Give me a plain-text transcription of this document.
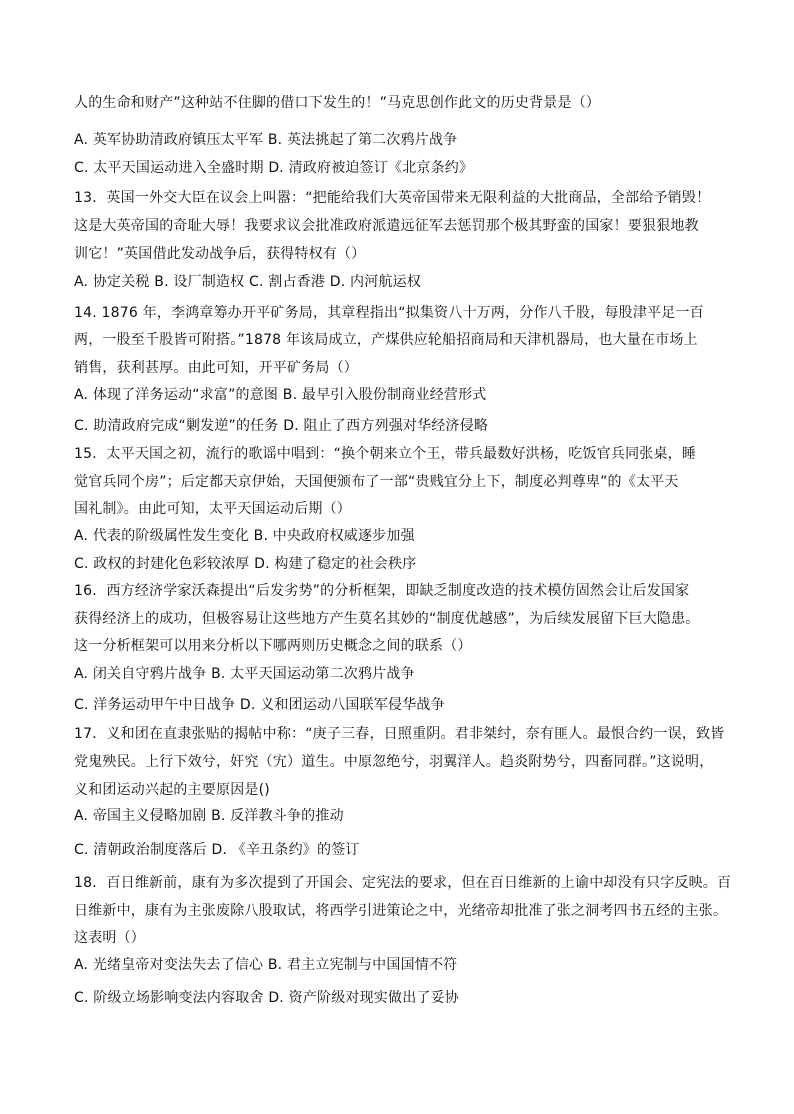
人的生命和财产”这种站不住脚的借口下发生的！”马克思创作此文的历史背景是（）
A. 英军协助清政府镇压太平军 B. 英法挑起了第二次鸦片战争
C. 太平天国运动进入全盛时期 D. 清政府被迫签订《北京条约》
13．英国一外交大臣在议会上叫嚣：“把能给我们大英帝国带来无限利益的大批商品，全部给予销毁！
这是大英帝国的奇耻大辱！我要求议会批准政府派遣远征军去惩罚那个极其野蛮的国家！要狠狠地教
训它！”英国借此发动战争后，获得特权有（）
A. 协定关税 B. 设厂制造权 C. 割占香港 D. 内河航运权
14. 1876 年，李鸿章筹办开平矿务局，其章程指出“拟集资八十万两，分作八千股，每股津平足一百
两，一股至千股皆可附搭。”1878 年该局成立，产煤供应轮船招商局和天津机器局，也大量在市场上
销售，获利甚厚。由此可知，开平矿务局（）
A. 体现了洋务运动“求富”的意图 B. 最早引入股份制商业经营形式
C. 助清政府完成“剿发逆”的任务 D. 阻止了西方列强对华经济侵略
15．太平天国之初，流行的歌谣中唱到：“换个朝来立个王，带兵最数好洪杨，吃饭官兵同张桌，睡
觉官兵同个房”；后定都天京伊始，天国便颁布了一部“贵贱宜分上下，制度必判尊卑”的《太平天
国礼制》。由此可知，太平天国运动后期（）
A. 代表的阶级属性发生变化 B. 中央政府权威逐步加强
C. 政权的封建化色彩较浓厚 D. 构建了稳定的社会秩序
16．西方经济学家沃森提出“后发劣势”的分析框架，即缺乏制度改造的技术模仿固然会让后发国家
获得经济上的成功，但极容易让这些地方产生莫名其妙的“制度优越感”，为后续发展留下巨大隐患。
这一分析框架可以用来分析以下哪两则历史概念之间的联系（）
A. 闭关自守鸦片战争 B. 太平天国运动第二次鸦片战争
C. 洋务运动甲午中日战争 D. 义和团运动八国联军侵华战争
17．义和团在直隶张贴的揭帖中称：“庚子三春，日照重阴。君非桀纣，奈有匪人。最恨合约一误，致皆
党鬼殃民。上行下效兮，奸究（宄）道生。中原忽绝兮，羽翼洋人。趋炎附势兮，四畜同群。”这说明，
义和团运动兴起的主要原因是()
A. 帝国主义侵略加剧 B. 反洋教斗争的推动
C. 清朝政治制度落后 D. 《辛丑条约》的签订
18．百日维新前，康有为多次提到了开国会、定宪法的要求，但在百日维新的上谕中却没有只字反映。百
日维新中，康有为主张废除八股取试，将西学引进策论之中，光绪帝却批准了张之洞考四书五经的主张。
这表明（）
A. 光绪皇帝对变法失去了信心 B. 君主立宪制与中国国情不符
C. 阶级立场影响变法内容取舍 D. 资产阶级对现实做出了妥协
